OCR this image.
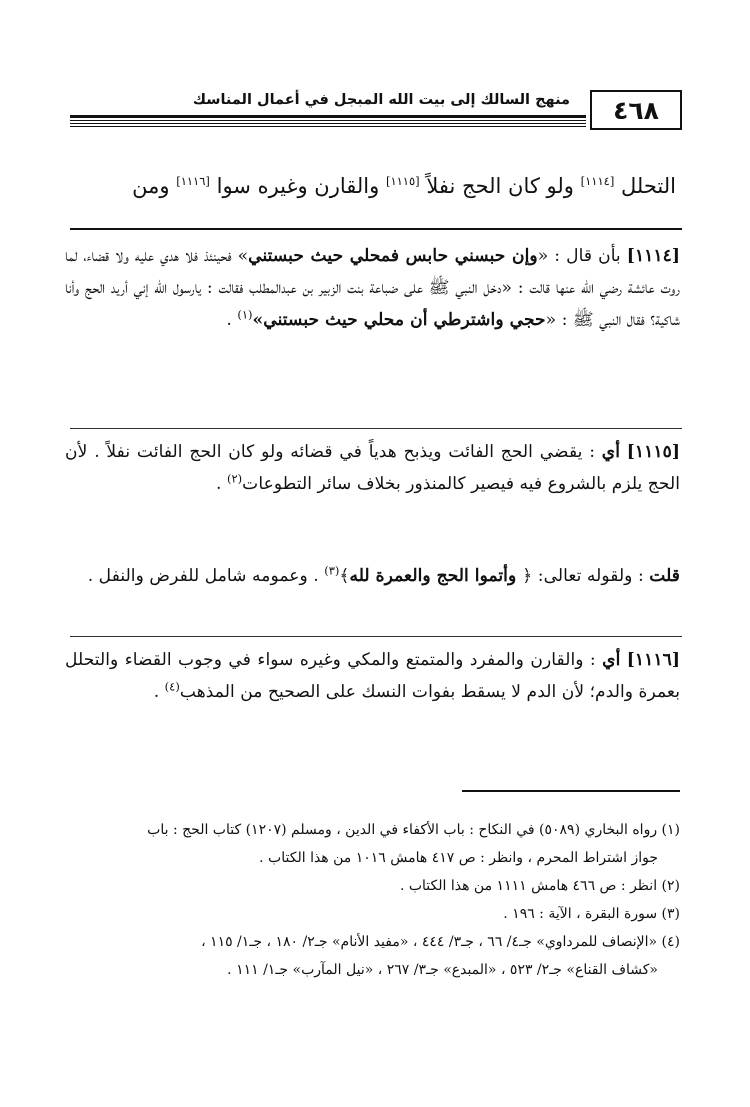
٤٦٨
منهج السالك إلى بيت الله المبجل في أعمال المناسك
التحلل [١١١٤] ولو كان الحج نفلاً [١١١٥] والقارن وغيره سوا [١١١٦] ومن
[١١١٤] بأن قال : «وإن حبسني حابس فمحلي حيث حبستني» فحينئذ فلا هدي عليه ولا قضاء، لما روت عائشة رضي الله عنها قالت : «دخل النبي ﷺ على ضباعة بنت الزبير بن عبدالمطلب فقالت : يارسول الله إني أريد الحج وأنا شاكية؟ فقال النبي ﷺ : «حجي واشترطي أن محلي حيث حبستني»$^{(١)}$ .
[١١١٥] أي : يقضي الحج الفائت ويذبح هدياً في قضائه ولو كان الحج الفائت نفلاً . لأن الحج يلزم بالشروع فيه فيصير كالمنذور بخلاف سائر التطوعات$^{(٢)}$ .
قلت : ولقوله تعالى: ﴿ وأتموا الحج والعمرة لله﴾$^{(٣)}$ . وعمومه شامل للفرض والنفل .
[١١١٦] أي : والقارن والمفرد والمتمتع والمكي وغيره سواء في وجوب القضاء والتحلل بعمرة والدم؛ لأن الدم لا يسقط بفوات النسك على الصحيح من المذهب$^{(٤)}$ .
(١) رواه البخاري (٥٠٨٩) في النكاح : باب الأكفاء في الدين ، ومسلم (١٢٠٧) كتاب الحج : باب
جواز اشتراط المحرم ، وانظر : ص ٤١٧ هامش ١٠١٦ من هذا الكتاب .
(٢) انظر : ص ٤٦٦ هامش ١١١١ من هذا الكتاب .
(٣) سورة البقرة ، الآية : ١٩٦ .
(٤) «الإنصاف للمرداوي» جـ٤/ ٦٦ ، جـ٣/ ٤٤٤ ، «مفيد الأنام» جـ٢/ ١٨٠ ، جـ١/ ١١٥ ،
«كشاف القناع» جـ٢/ ٥٢٣ ، «المبدع» جـ٣/ ٢٦٧ ، «نيل المآرب» جـ١/ ١١١ .
